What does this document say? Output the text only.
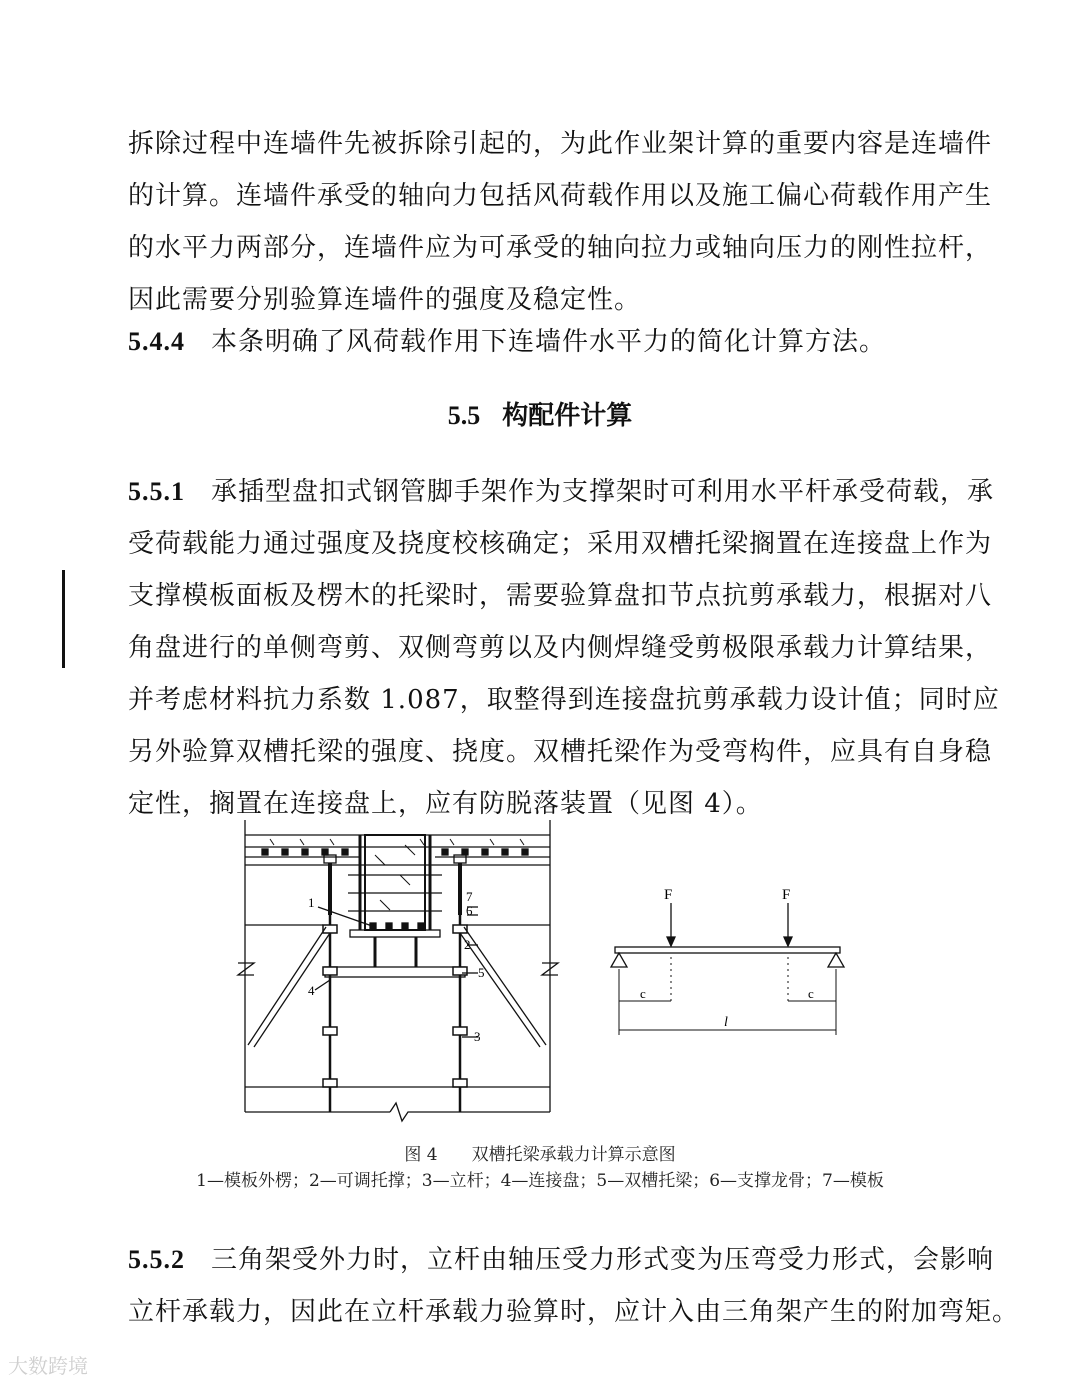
拆除过程中连墙件先被拆除引起的，为此作业架计算的重要内容是连墙件
的计算。连墙件承受的轴向力包括风荷载作用以及施工偏心荷载作用产生
的水平力两部分，连墙件应为可承受的轴向拉力或轴向压力的刚性拉杆，
因此需要分别验算连墙件的强度及稳定性。
5.4.4 本条明确了风荷载作用下连墙件水平力的简化计算方法。
5.5 构配件计算
5.5.1 承插型盘扣式钢管脚手架作为支撑架时可利用水平杆承受荷载，承
受荷载能力通过强度及挠度校核确定；采用双槽托梁搁置在连接盘上作为
支撑模板面板及楞木的托梁时，需要验算盘扣节点抗剪承载力，根据对八
角盘进行的单侧弯剪、双侧弯剪以及内侧焊缝受剪极限承载力计算结果，
并考虑材料抗力系数 1.087，取整得到连接盘抗剪承载力设计值；同时应
另外验算双槽托梁的强度、挠度。双槽托梁作为受弯构件，应具有自身稳
定性，搁置在连接盘上，应有防脱落装置（见图 4）。
1
2
3
4
5
6
7	F	F
c	c
l
图 4　　双槽托梁承载力计算示意图
1—模板外楞；2—可调托撑；3—立杆；4—连接盘；5—双槽托梁；6—支撑龙骨；7—模板
5.5.2 三角架受外力时，立杆由轴压受力形式变为压弯受力形式，会影响
立杆承载力，因此在立杆承载力验算时，应计入由三角架产生的附加弯矩。
大数跨境
